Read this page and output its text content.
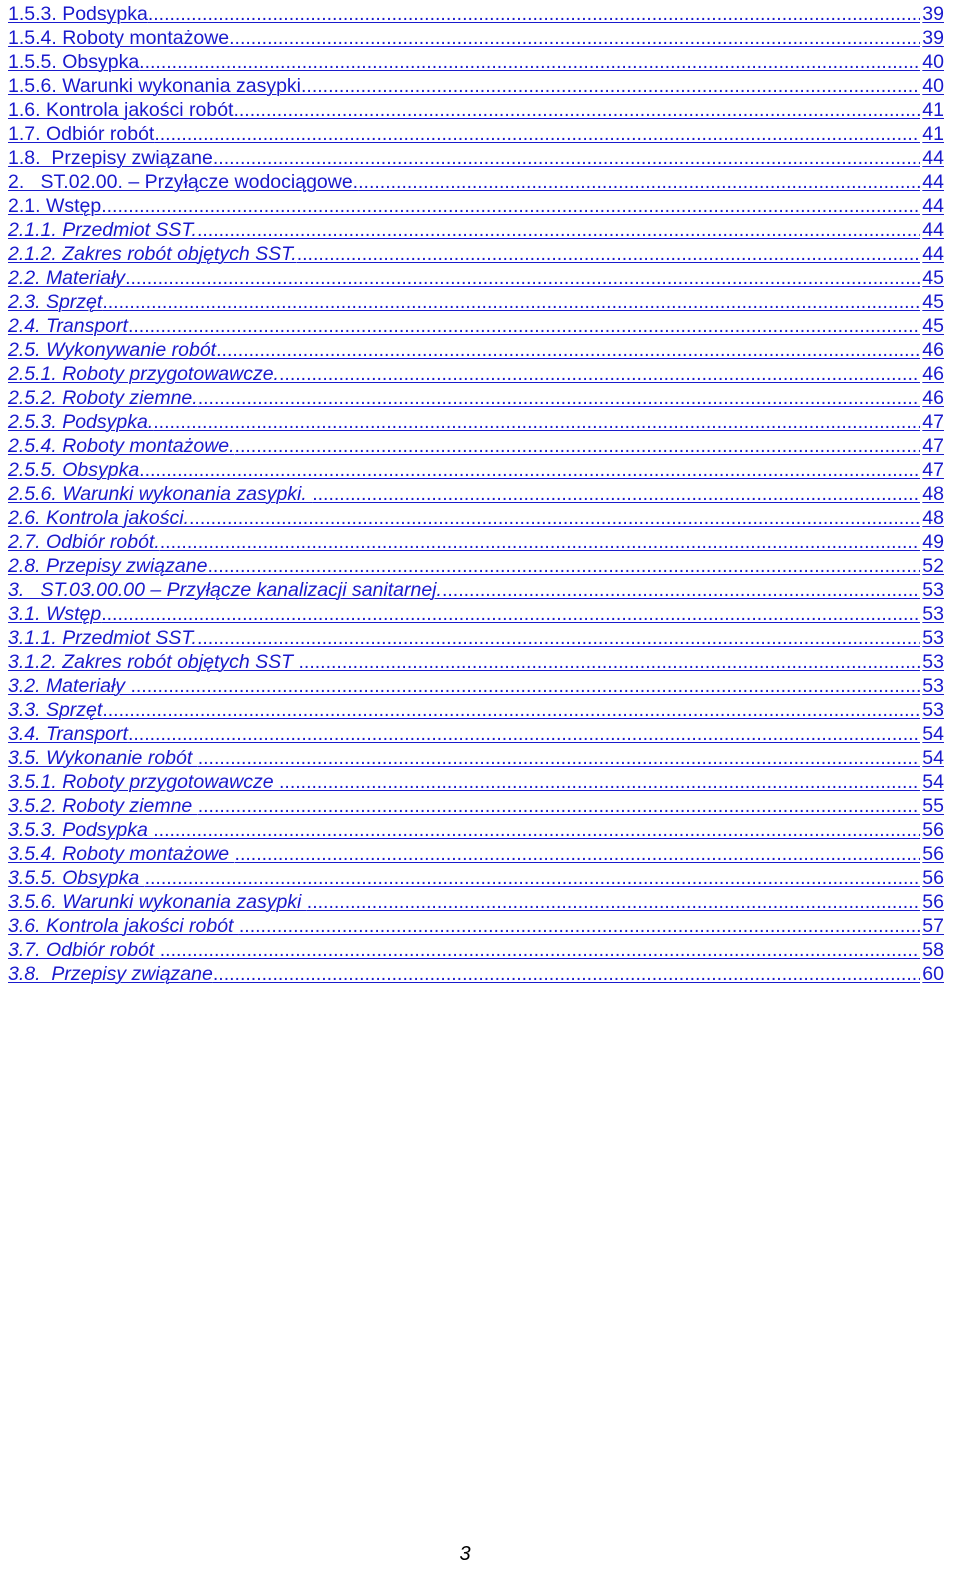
1.5.3. Podsypka .....	39
1.5.4. Roboty montażowe .....	39
1.5.5. Obsypka .....	40
1.5.6. Warunki wykonania zasypki .....	40
1.6. Kontrola jakości robót .....	41
1.7. Odbiór robót .....	41
1.8.  Przepisy związane .....	44
2.   ST.02.00. – Przyłącze wodociągowe. .....	44
2.1. Wstęp .....	44
2.1.1. Przedmiot SST. .....	44
2.1.2. Zakres robót objętych SST. .....	44
2.2. Materiały .....	45
2.3. Sprzęt .....	45
2.4. Transport .....	45
2.5. Wykonywanie robót .....	46
2.5.1. Roboty przygotowawcze. .....	46
2.5.2. Roboty ziemne. .....	46
2.5.3. Podsypka. .....	47
2.5.4. Roboty montażowe. .....	47
2.5.5. Obsypka .....	47
2.5.6. Warunki wykonania zasypki. .....	48
2.6. Kontrola jakości. .....	48
2.7. Odbiór robót. .....	49
2.8. Przepisy związane .....	52
3.   ST.03.00.00 – Przyłącze kanalizacji sanitarnej. .....	53
3.1. Wstęp .....	53
3.1.1. Przedmiot SST. .....	53
3.1.2. Zakres robót objętych SST .....	53
3.2. Materiały .....	53
3.3. Sprzęt .....	53
3.4. Transport .....	54
3.5. Wykonanie robót .....	54
3.5.1. Roboty przygotowawcze .....	54
3.5.2. Roboty ziemne .....	55
3.5.3. Podsypka .....	56
3.5.4. Roboty montażowe .....	56
3.5.5. Obsypka .....	56
3.5.6. Warunki wykonania zasypki .....	56
3.6. Kontrola jakości robót .....	57
3.7. Odbiór robót .....	58
3.8.  Przepisy związane .....	60
3
